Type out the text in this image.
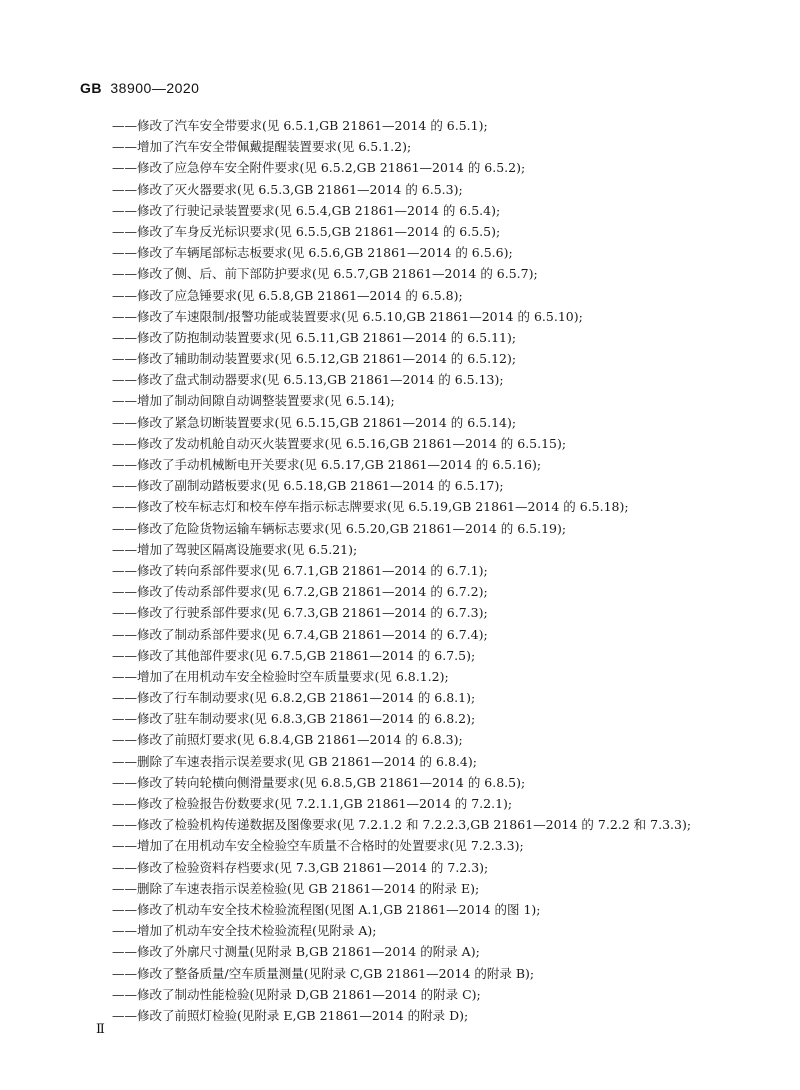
GB 38900—2020
——修改了汽车安全带要求(见 6.5.1,GB 21861—2014 的 6.5.1);
——增加了汽车安全带佩戴提醒装置要求(见 6.5.1.2);
——修改了应急停车安全附件要求(见 6.5.2,GB 21861—2014 的 6.5.2);
——修改了灭火器要求(见 6.5.3,GB 21861—2014 的 6.5.3);
——修改了行驶记录装置要求(见 6.5.4,GB 21861—2014 的 6.5.4);
——修改了车身反光标识要求(见 6.5.5,GB 21861—2014 的 6.5.5);
——修改了车辆尾部标志板要求(见 6.5.6,GB 21861—2014 的 6.5.6);
——修改了侧、后、前下部防护要求(见 6.5.7,GB 21861—2014 的 6.5.7);
——修改了应急锤要求(见 6.5.8,GB 21861—2014 的 6.5.8);
——修改了车速限制/报警功能或装置要求(见 6.5.10,GB 21861—2014 的 6.5.10);
——修改了防抱制动装置要求(见 6.5.11,GB 21861—2014 的 6.5.11);
——修改了辅助制动装置要求(见 6.5.12,GB 21861—2014 的 6.5.12);
——修改了盘式制动器要求(见 6.5.13,GB 21861—2014 的 6.5.13);
——增加了制动间隙自动调整装置要求(见 6.5.14);
——修改了紧急切断装置要求(见 6.5.15,GB 21861—2014 的 6.5.14);
——修改了发动机舱自动灭火装置要求(见 6.5.16,GB 21861—2014 的 6.5.15);
——修改了手动机械断电开关要求(见 6.5.17,GB 21861—2014 的 6.5.16);
——修改了副制动踏板要求(见 6.5.18,GB 21861—2014 的 6.5.17);
——修改了校车标志灯和校车停车指示标志牌要求(见 6.5.19,GB 21861—2014 的 6.5.18);
——修改了危险货物运输车辆标志要求(见 6.5.20,GB 21861—2014 的 6.5.19);
——增加了驾驶区隔离设施要求(见 6.5.21);
——修改了转向系部件要求(见 6.7.1,GB 21861—2014 的 6.7.1);
——修改了传动系部件要求(见 6.7.2,GB 21861—2014 的 6.7.2);
——修改了行驶系部件要求(见 6.7.3,GB 21861—2014 的 6.7.3);
——修改了制动系部件要求(见 6.7.4,GB 21861—2014 的 6.7.4);
——修改了其他部件要求(见 6.7.5,GB 21861—2014 的 6.7.5);
——增加了在用机动车安全检验时空车质量要求(见 6.8.1.2);
——修改了行车制动要求(见 6.8.2,GB 21861—2014 的 6.8.1);
——修改了驻车制动要求(见 6.8.3,GB 21861—2014 的 6.8.2);
——修改了前照灯要求(见 6.8.4,GB 21861—2014 的 6.8.3);
——删除了车速表指示误差要求(见 GB 21861—2014 的 6.8.4);
——修改了转向轮横向侧滑量要求(见 6.8.5,GB 21861—2014 的 6.8.5);
——修改了检验报告份数要求(见 7.2.1.1,GB 21861—2014 的 7.2.1);
——修改了检验机构传递数据及图像要求(见 7.2.1.2 和 7.2.2.3,GB 21861—2014 的 7.2.2 和 7.3.3);
——增加了在用机动车安全检验空车质量不合格时的处置要求(见 7.2.3.3);
——修改了检验资料存档要求(见 7.3,GB 21861—2014 的 7.2.3);
——删除了车速表指示误差检验(见 GB 21861—2014 的附录 E);
——修改了机动车安全技术检验流程图(见图 A.1,GB 21861—2014 的图 1);
——增加了机动车安全技术检验流程(见附录 A);
——修改了外廓尺寸测量(见附录 B,GB 21861—2014 的附录 A);
——修改了整备质量/空车质量测量(见附录 C,GB 21861—2014 的附录 B);
——修改了制动性能检验(见附录 D,GB 21861—2014 的附录 C);
——修改了前照灯检验(见附录 E,GB 21861—2014 的附录 D);
Ⅱ
